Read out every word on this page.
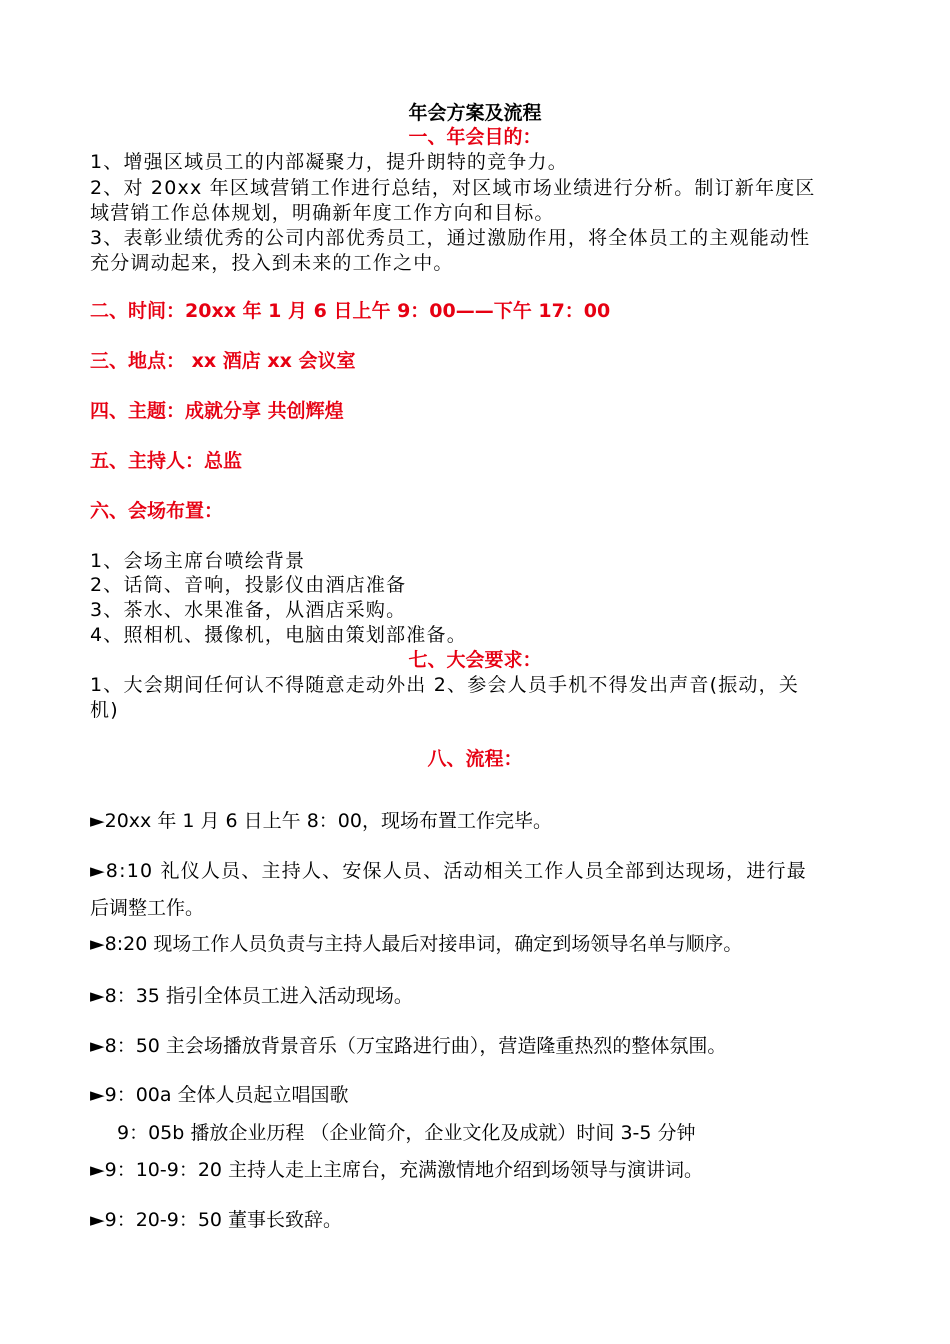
年会方案及流程

一、年会目的：

1、增强区域员工的内部凝聚力，提升朗特的竞争力。

2、对 20xx 年区域营销工作进行总结，对区域市场业绩进行分析。制订新年度区

域营销工作总体规划，明确新年度工作方向和目标。

3、表彰业绩优秀的公司内部优秀员工，通过激励作用，将全体员工的主观能动性

充分调动起来，投入到未来的工作之中。

二、时间：20xx 年 1 月 6 日上午 9：00——下午 17：00

三、地点： xx 酒店 xx 会议室

四、主题：成就分享 共创辉煌

五、主持人：总监

六、会场布置：

1、会场主席台喷绘背景

2、话筒、音响，投影仪由酒店准备

3、茶水、水果准备，从酒店采购。

4、照相机、摄像机，电脑由策划部准备。

七、大会要求：

1、大会期间任何认不得随意走动外出 2、参会人员手机不得发出声音(振动，关

机)

八、流程：

►20xx 年 1 月 6 日上午 8：00，现场布置工作完毕。

►8:10 礼仪人员、主持人、安保人员、活动相关工作人员全部到达现场，进行最

后调整工作。

►8:20 现场工作人员负责与主持人最后对接串词，确定到场领导名单与顺序。

►8：35 指引全体员工进入活动现场。

►8：50 主会场播放背景音乐（万宝路进行曲），营造隆重热烈的整体氛围。

►9：00a 全体人员起立唱国歌

9：05b 播放企业历程 （企业简介，企业文化及成就）时间 3-5 分钟

►9：10-9：20 主持人走上主席台，充满激情地介绍到场领导与演讲词。

►9：20-9：50 董事长致辞。
